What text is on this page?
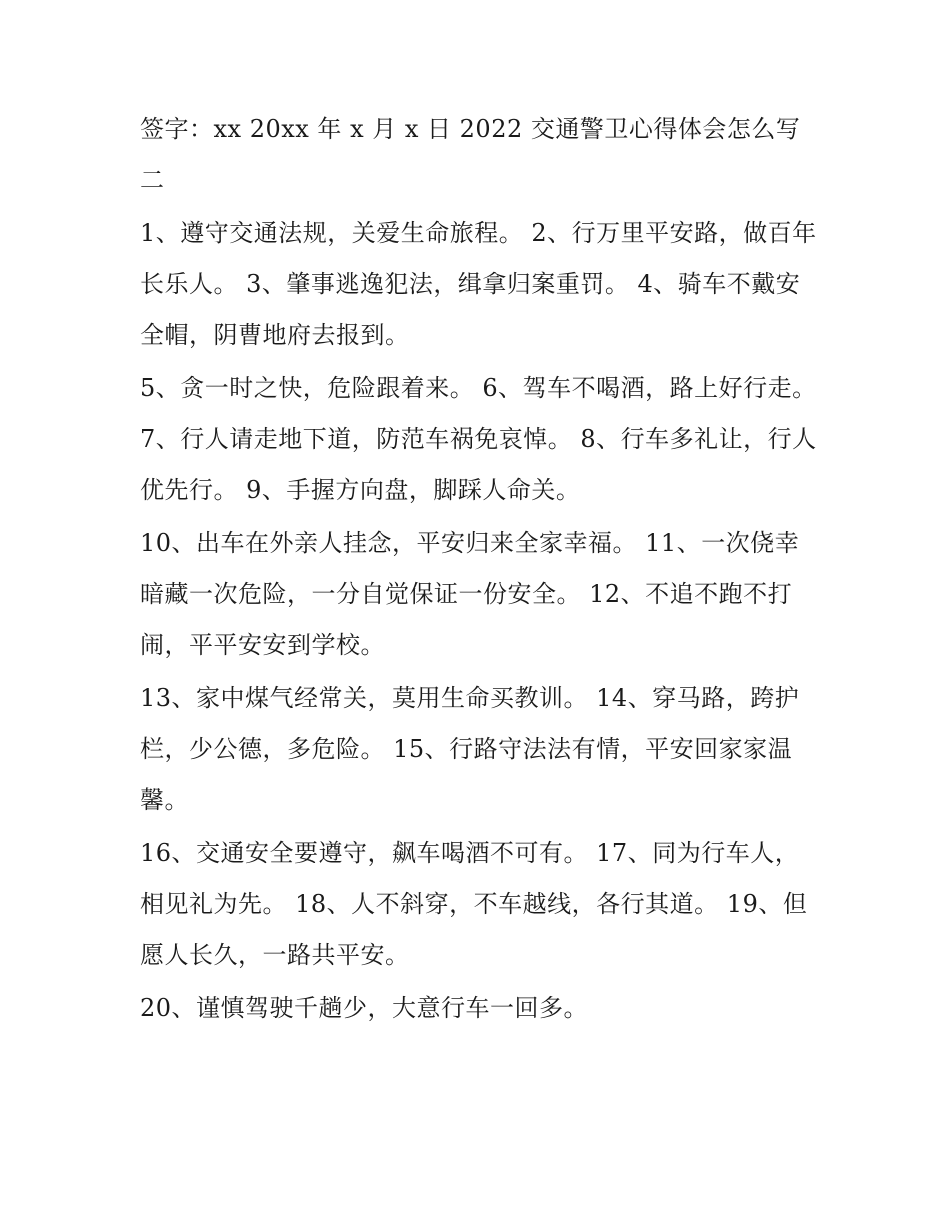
签字：xx 20xx 年 x 月 x 日 2022 交通警卫心得体会怎么写二

1、遵守交通法规，关爱生命旅程。 2、行万里平安路，做百年长乐人。 3、肇事逃逸犯法，缉拿归案重罚。 4、骑车不戴安全帽，阴曹地府去报到。

5、贪一时之快，危险跟着来。 6、驾车不喝酒，路上好行走。 7、行人请走地下道，防范车祸免哀悼。 8、行车多礼让，行人优先行。 9、手握方向盘，脚踩人命关。

10、出车在外亲人挂念，平安归来全家幸福。 11、一次侥幸暗藏一次危险，一分自觉保证一份安全。 12、不追不跑不打闹，平平安安到学校。

13、家中煤气经常关，莫用生命买教训。 14、穿马路，跨护栏，少公德，多危险。 15、行路守法法有情，平安回家家温馨。

16、交通安全要遵守，飙车喝酒不可有。 17、同为行车人，相见礼为先。 18、人不斜穿，不车越线，各行其道。 19、但愿人长久，一路共平安。

20、谨慎驾驶千趟少，大意行车一回多。
